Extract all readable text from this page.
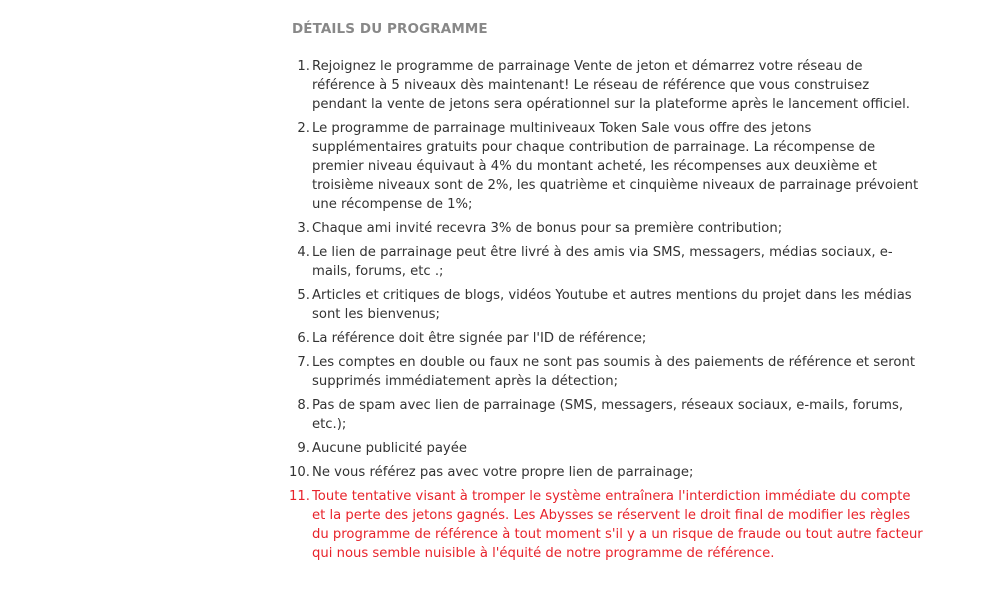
DÉTAILS DU PROGRAMME
1. Rejoignez le programme de parrainage Vente de jeton et démarrez votre réseau de référence à 5 niveaux dès maintenant! Le réseau de référence que vous construisez pendant la vente de jetons sera opérationnel sur la plateforme après le lancement officiel.
2. Le programme de parrainage multiniveaux Token Sale vous offre des jetons supplémentaires gratuits pour chaque contribution de parrainage. La récompense de premier niveau équivaut à 4% du montant acheté, les récompenses aux deuxième et troisième niveaux sont de 2%, les quatrième et cinquième niveaux de parrainage prévoient une récompense de 1%;
3. Chaque ami invité recevra 3% de bonus pour sa première contribution;
4. Le lien de parrainage peut être livré à des amis via SMS, messagers, médias sociaux, e-mails, forums, etc .;
5. Articles et critiques de blogs, vidéos Youtube et autres mentions du projet dans les médias sont les bienvenus;
6. La référence doit être signée par l'ID de référence;
7. Les comptes en double ou faux ne sont pas soumis à des paiements de référence et seront supprimés immédiatement après la détection;
8. Pas de spam avec lien de parrainage (SMS, messagers, réseaux sociaux, e-mails, forums, etc.);
9. Aucune publicité payée
10. Ne vous référez pas avec votre propre lien de parrainage;
11. Toute tentative visant à tromper le système entraînera l'interdiction immédiate du compte et la perte des jetons gagnés. Les Abysses se réservent le droit final de modifier les règles du programme de référence à tout moment s'il y a un risque de fraude ou tout autre facteur qui nous semble nuisible à l'équité de notre programme de référence.
